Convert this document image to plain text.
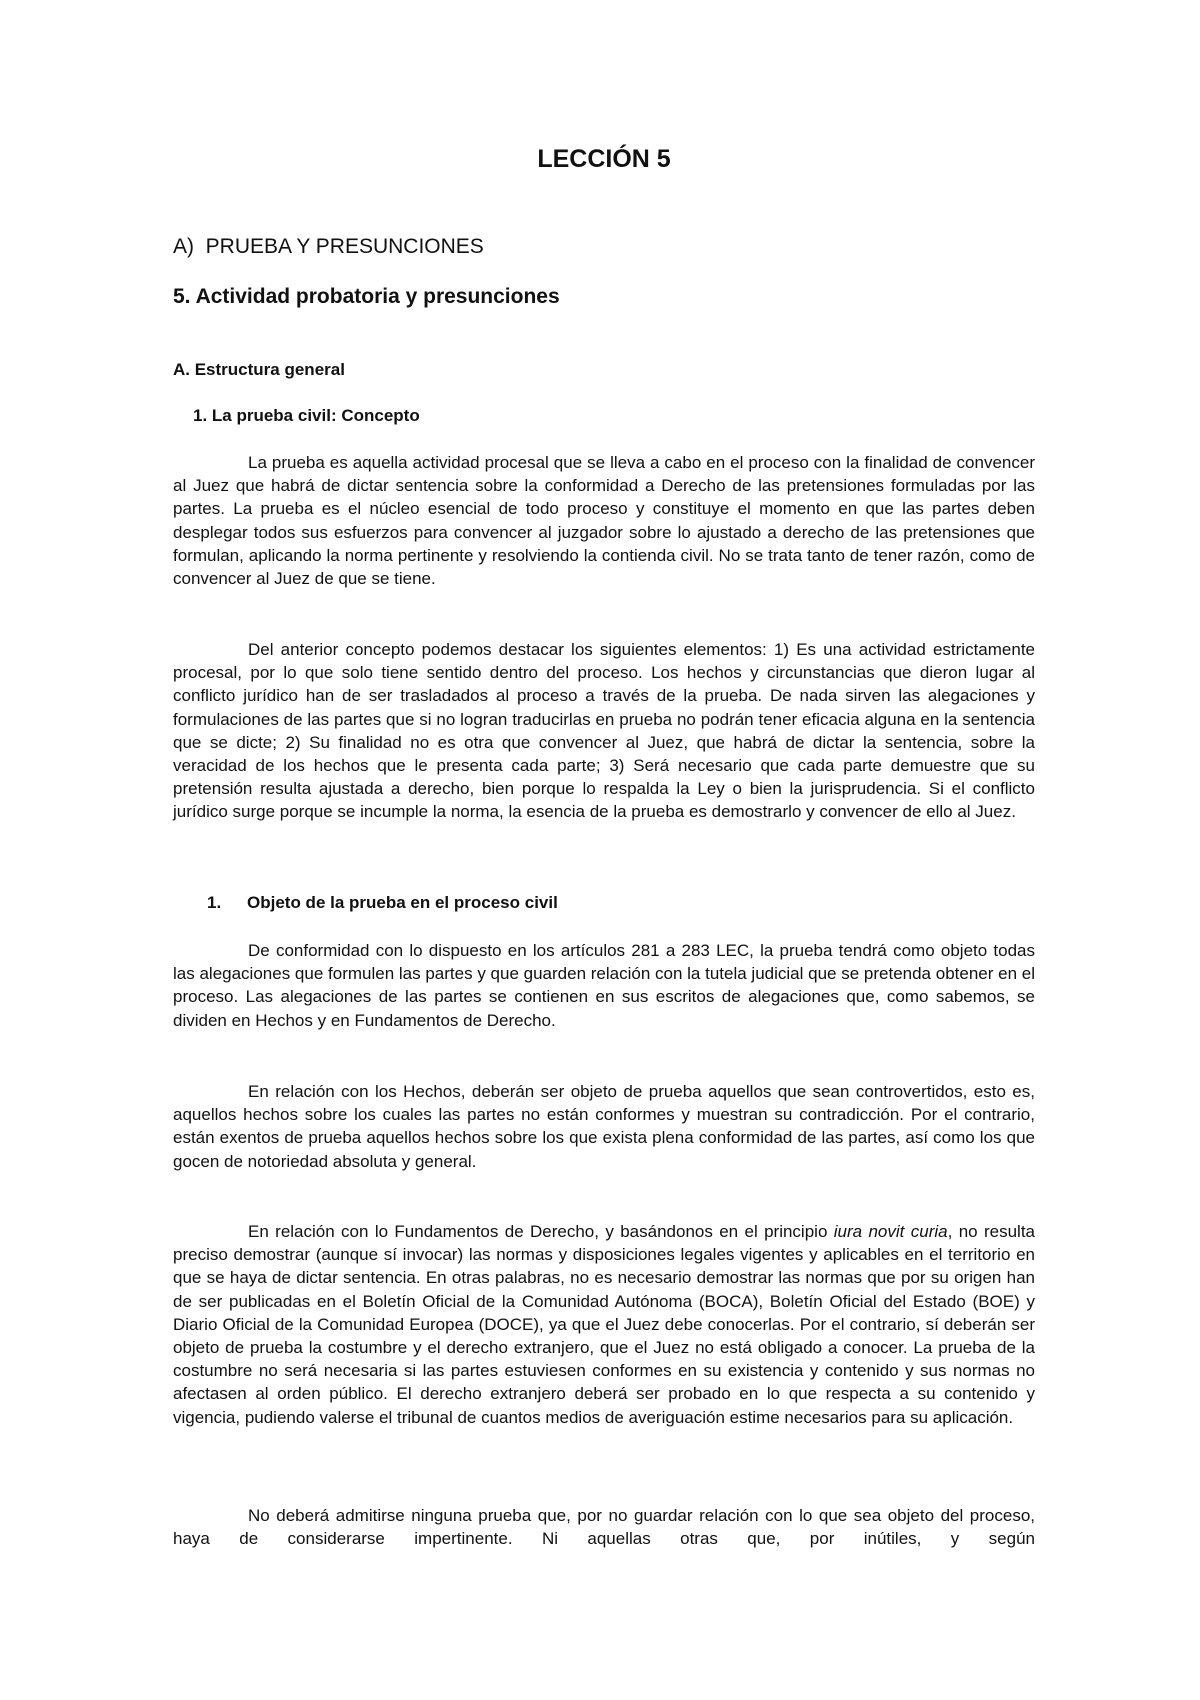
LECCIÓN 5
A)  PRUEBA Y PRESUNCIONES
5. Actividad probatoria y presunciones
A. Estructura general
1. La prueba civil: Concepto

La prueba es aquella actividad procesal que se lleva a cabo en el proceso con la finalidad de convencer al Juez que habrá de dictar sentencia sobre la conformidad a Derecho de las pretensiones formuladas por las partes. La prueba es el núcleo esencial de todo proceso y constituye el momento en que las partes deben desplegar todos sus esfuerzos para convencer al juzgador sobre lo ajustado a derecho de las pretensiones que formulan, aplicando la norma pertinente y resolviendo la contienda civil. No se trata tanto de tener razón, como de convencer al Juez de que se tiene.

Del anterior concepto podemos destacar los siguientes elementos: 1) Es una actividad estrictamente procesal, por lo que solo tiene sentido dentro del proceso. Los hechos y circunstancias que dieron lugar al conflicto jurídico han de ser trasladados al proceso a través de la prueba. De nada sirven las alegaciones y formulaciones de las partes que si no logran traducirlas en prueba no podrán tener eficacia alguna en la sentencia que se dicte; 2) Su finalidad no es otra que convencer al Juez, que habrá de dictar la sentencia, sobre la veracidad de los hechos que le presenta cada parte; 3) Será necesario que cada parte demuestre que su pretensión resulta ajustada a derecho, bien porque lo respalda la Ley o bien la jurisprudencia. Si el conflicto jurídico surge porque se incumple la norma, la esencia de la prueba es demostrarlo y convencer de ello al Juez.

1. Objeto de la prueba en el proceso civil

De conformidad con lo dispuesto en los artículos 281 a 283 LEC, la prueba tendrá como objeto todas las alegaciones que formulen las partes y que guarden relación con la tutela judicial que se pretenda obtener en el proceso. Las alegaciones de las partes se contienen en sus escritos de alegaciones que, como sabemos, se dividen en Hechos y en Fundamentos de Derecho.

En relación con los Hechos, deberán ser objeto de prueba aquellos que sean controvertidos, esto es, aquellos hechos sobre los cuales las partes no están conformes y muestran su contradicción. Por el contrario, están exentos de prueba aquellos hechos sobre los que exista plena conformidad de las partes, así como los que gocen de notoriedad absoluta y general.

En relación con lo Fundamentos de Derecho, y basándonos en el principio iura novit curia, no resulta preciso demostrar (aunque sí invocar) las normas y disposiciones legales vigentes y aplicables en el territorio en que se haya de dictar sentencia. En otras palabras, no es necesario demostrar las normas que por su origen han de ser publicadas en el Boletín Oficial de la Comunidad Autónoma (BOCA), Boletín Oficial del Estado (BOE) y Diario Oficial de la Comunidad Europea (DOCE), ya que el Juez debe conocerlas. Por el contrario, sí deberán ser objeto de prueba la costumbre y el derecho extranjero, que el Juez no está obligado a conocer. La prueba de la costumbre no será necesaria si las partes estuviesen conformes en su existencia y contenido y sus normas no afectasen al orden público. El derecho extranjero deberá ser probado en lo que respecta a su contenido y vigencia, pudiendo valerse el tribunal de cuantos medios de averiguación estime necesarios para su aplicación.

No deberá admitirse ninguna prueba que, por no guardar relación con lo que sea objeto del proceso, haya de considerarse impertinente. Ni aquellas otras que, por inútiles, y según
